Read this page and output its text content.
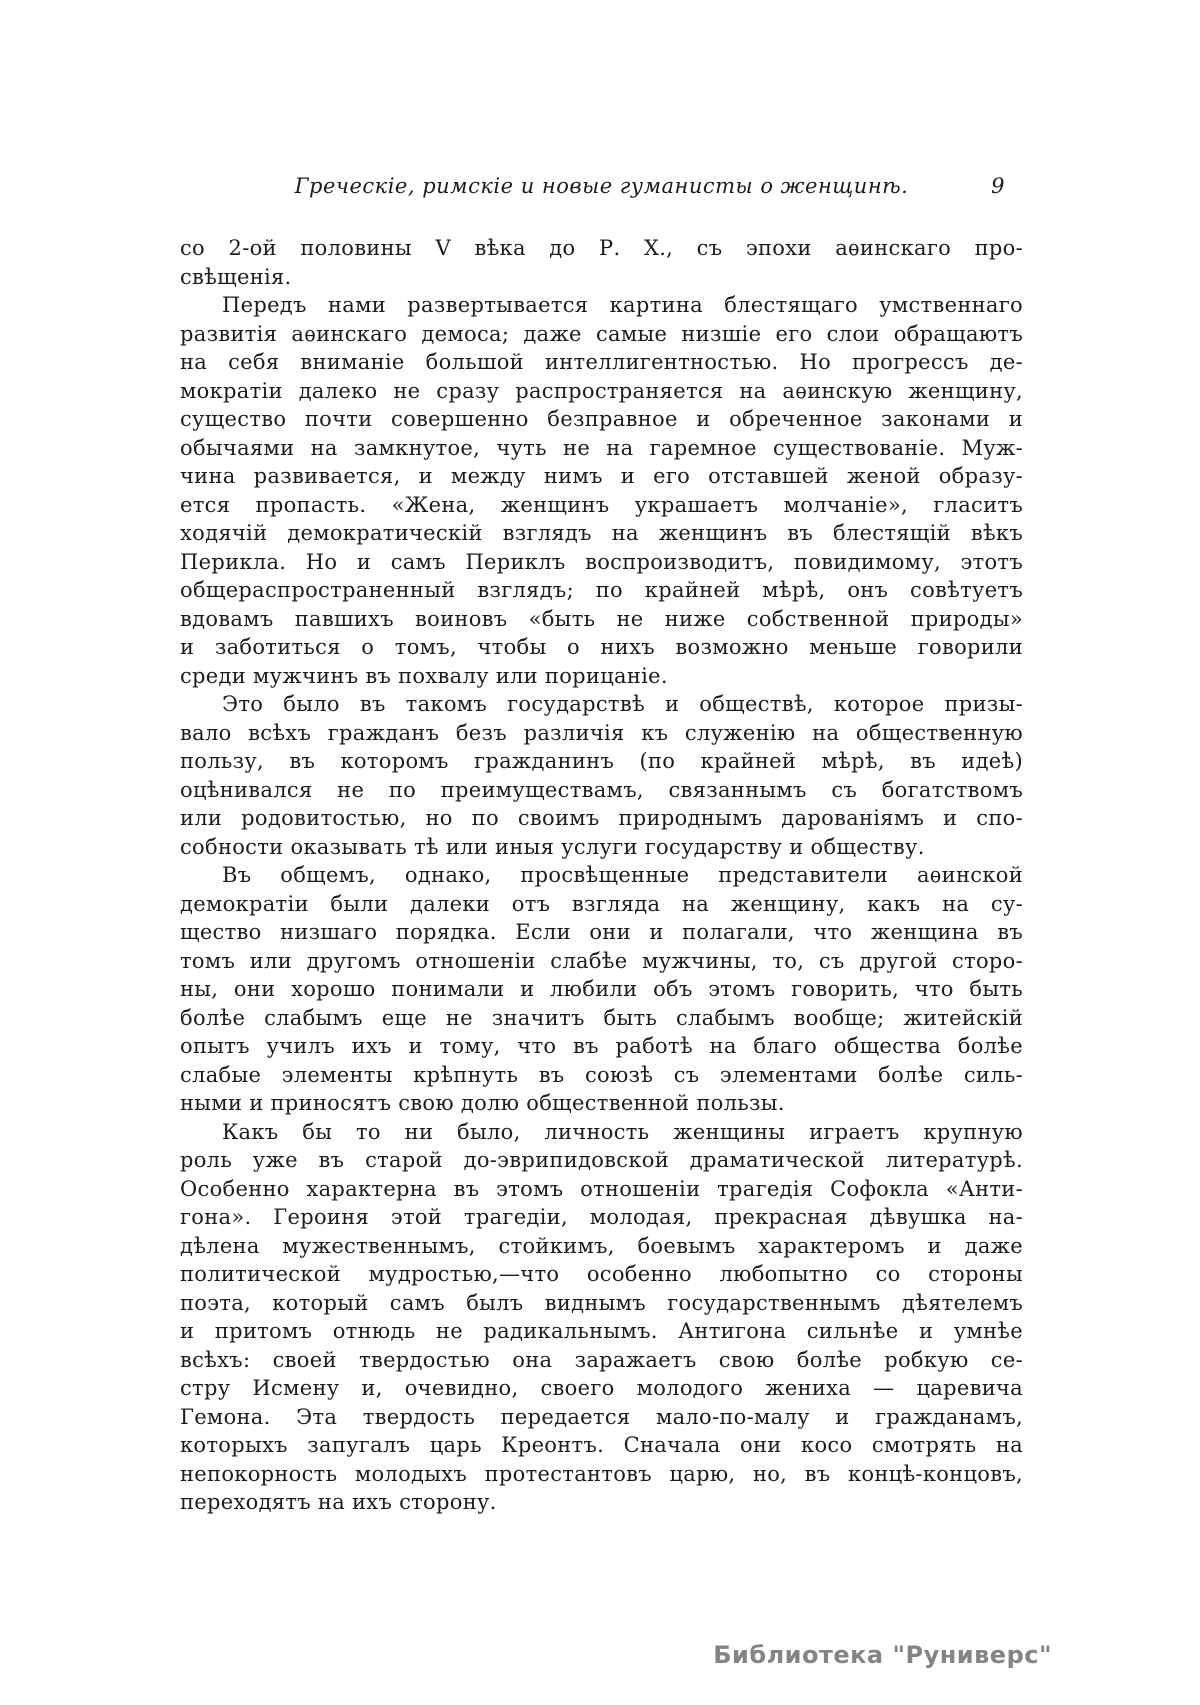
Греческіе, римскіе и новые гуманисты о женщинѣ.	9
со 2-ой половины V вѣка до Р. Х., съ эпохи аѳинскаго про-
свѣщенія.
Передъ нами развертывается картина блестящаго умственнаго
развитія аѳинскаго демоса; даже самые низшіе его слои обращаютъ
на себя вниманіе большой интеллигентностью. Но прогрессъ де-
мократіи далеко не сразу распространяется на аѳинскую женщину,
существо почти совершенно безправное и обреченное законами и
обычаями на замкнутое, чуть не на гаремное существованіе. Муж-
чина развивается, и между нимъ и его отставшей женой образу-
ется пропасть. «Жена, женщинъ украшаетъ молчаніе», гласитъ
ходячій демократическій взглядъ на женщинъ въ блестящій вѣкъ
Перикла. Но и самъ Периклъ воспроизводитъ, повидимому, этотъ
общераспространенный взглядъ; по крайней мѣрѣ, онъ совѣтуетъ
вдовамъ павшихъ воиновъ «быть не ниже собственной природы»
и заботиться о томъ, чтобы о нихъ возможно меньше говорили
среди мужчинъ въ похвалу или порицаніе.
Это было въ такомъ государствѣ и обществѣ, которое призы-
вало всѣхъ гражданъ безъ различія къ служенію на общественную
пользу, въ которомъ гражданинъ (по крайней мѣрѣ, въ идеѣ)
оцѣнивался не по преимуществамъ, связаннымъ съ богатствомъ
или родовитостью, но по своимъ природнымъ дарованіямъ и спо-
собности оказывать тѣ или иныя услуги государству и обществу.
Въ общемъ, однако, просвѣщенные представители аѳинской
демократіи были далеки отъ взгляда на женщину, какъ на су-
щество низшаго порядка. Если они и полагали, что женщина въ
томъ или другомъ отношеніи слабѣе мужчины, то, съ другой сторо-
ны, они хорошо понимали и любили объ этомъ говорить, что быть
болѣе слабымъ еще не значитъ быть слабымъ вообще; житейскій
опытъ училъ ихъ и тому, что въ работѣ на благо общества болѣе
слабые элементы крѣпнуть въ союзѣ съ элементами болѣе силь-
ными и приносятъ свою долю общественной пользы.
Какъ бы то ни было, личность женщины играетъ крупную
роль уже въ старой до-эврипидовской драматической литературѣ.
Особенно характерна въ этомъ отношеніи трагедія Софокла «Анти-
гона». Героиня этой трагедіи, молодая, прекрасная дѣвушка на-
дѣлена мужественнымъ, стойкимъ, боевымъ характеромъ и даже
политической мудростью,—что особенно любопытно со стороны
поэта, который самъ былъ виднымъ государственнымъ дѣятелемъ
и притомъ отнюдь не радикальнымъ. Антигона сильнѣе и умнѣе
всѣхъ: своей твердостью она заражаетъ свою болѣе робкую се-
стру Исмену и, очевидно, своего молодого жениха — царевича
Гемона. Эта твердость передается мало-по-малу и гражданамъ,
которыхъ запугалъ царь Креонтъ. Сначала они косо смотрять на
непокорность молодыхъ протестантовъ царю, но, въ концѣ-концовъ,
переходятъ на ихъ сторону.
Библиотека "Руниверс"
